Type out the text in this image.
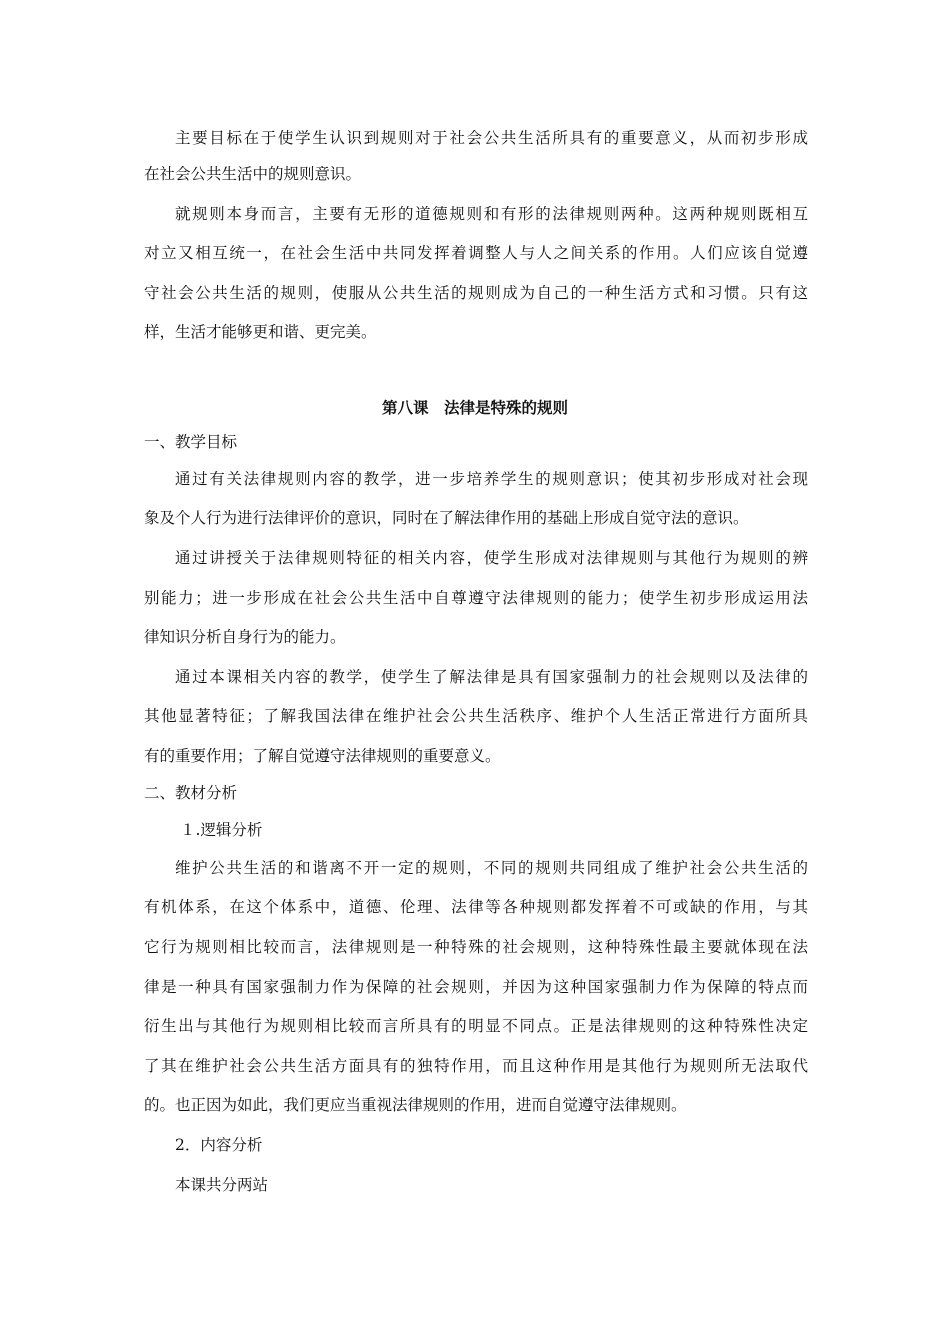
主要目标在于使学生认识到规则对于社会公共生活所具有的重要意义，从而初步形成
在社会公共生活中的规则意识。
就规则本身而言，主要有无形的道德规则和有形的法律规则两种。这两种规则既相互
对立又相互统一，在社会生活中共同发挥着调整人与人之间关系的作用。人们应该自觉遵
守社会公共生活的规则，使服从公共生活的规则成为自己的一种生活方式和习惯。只有这
样，生活才能够更和谐、更完美。
第八课　法律是特殊的规则
一、教学目标
通过有关法律规则内容的教学，进一步培养学生的规则意识；使其初步形成对社会现
象及个人行为进行法律评价的意识，同时在了解法律作用的基础上形成自觉守法的意识。
通过讲授关于法律规则特征的相关内容，使学生形成对法律规则与其他行为规则的辨
别能力；进一步形成在社会公共生活中自尊遵守法律规则的能力；使学生初步形成运用法
律知识分析自身行为的能力。
通过本课相关内容的教学，使学生了解法律是具有国家强制力的社会规则以及法律的
其他显著特征；了解我国法律在维护社会公共生活秩序、维护个人生活正常进行方面所具
有的重要作用；了解自觉遵守法律规则的重要意义。
二、教材分析
１.逻辑分析
维护公共生活的和谐离不开一定的规则，不同的规则共同组成了维护社会公共生活的
有机体系，在这个体系中，道德、伦理、法律等各种规则都发挥着不可或缺的作用，与其
它行为规则相比较而言，法律规则是一种特殊的社会规则，这种特殊性最主要就体现在法
律是一种具有国家强制力作为保障的社会规则，并因为这种国家强制力作为保障的特点而
衍生出与其他行为规则相比较而言所具有的明显不同点。正是法律规则的这种特殊性决定
了其在维护社会公共生活方面具有的独特作用，而且这种作用是其他行为规则所无法取代
的。也正因为如此，我们更应当重视法律规则的作用，进而自觉遵守法律规则。
2．内容分析
本课共分两站
